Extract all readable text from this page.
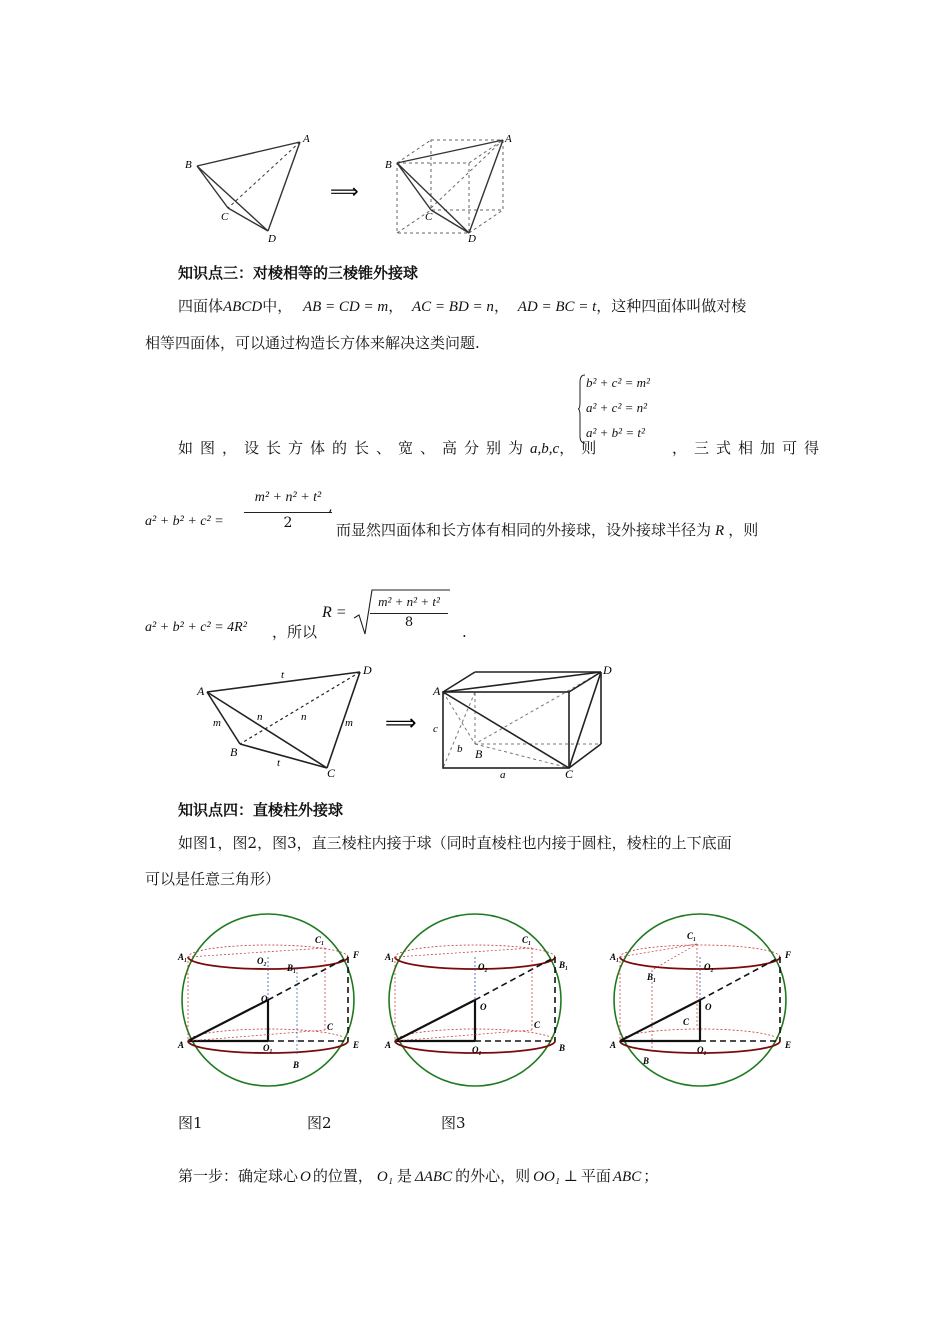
A
B
C
D
⟹
A
B
C
D
知识点三：对棱相等的三棱锥外接球
四面体ABCD中， AB = CD = m， AC = BD = n， AD = BC = t，这种四面体叫做对棱
相等四面体，可以通过构造长方体来解决这类问题.
b² + c² = m²
a² + c² = n²
a² + b² = t²
如图，设长方体的长、宽、高分别为a,b,c，则	，三式相加可得
a² + b² + c² =
m² + n² + t²
2
,
而显然四面体和长方体有相同的外接球，设外接球半径为 R ，则
a² + b² + c² = 4R² ，所以
R =
m² + n² + t²
8
.
A
B
C
D
t
t
m	m
n	n	⟹
A
B
C
D
a
b
c
知识点四：直棱柱外接球
如图1，图2，图3，直三棱柱内接于球（同时直棱柱也内接于圆柱，棱柱的上下底面
可以是任意三角形）
A₁
C₁
O₂
B₁
F
O
C
A	O₁	E
B
A₁
C₁
O₂	B₁
O
C
A	O₁	B
A₁
C₁
O₂
B₁
F
O
C
A	O₁	E
B
图1	图2	图3
第一步：确定球心 O 的位置， O₁ 是 ΔABC 的外心，则 OO₁ ⊥ 平面 ABC ；
